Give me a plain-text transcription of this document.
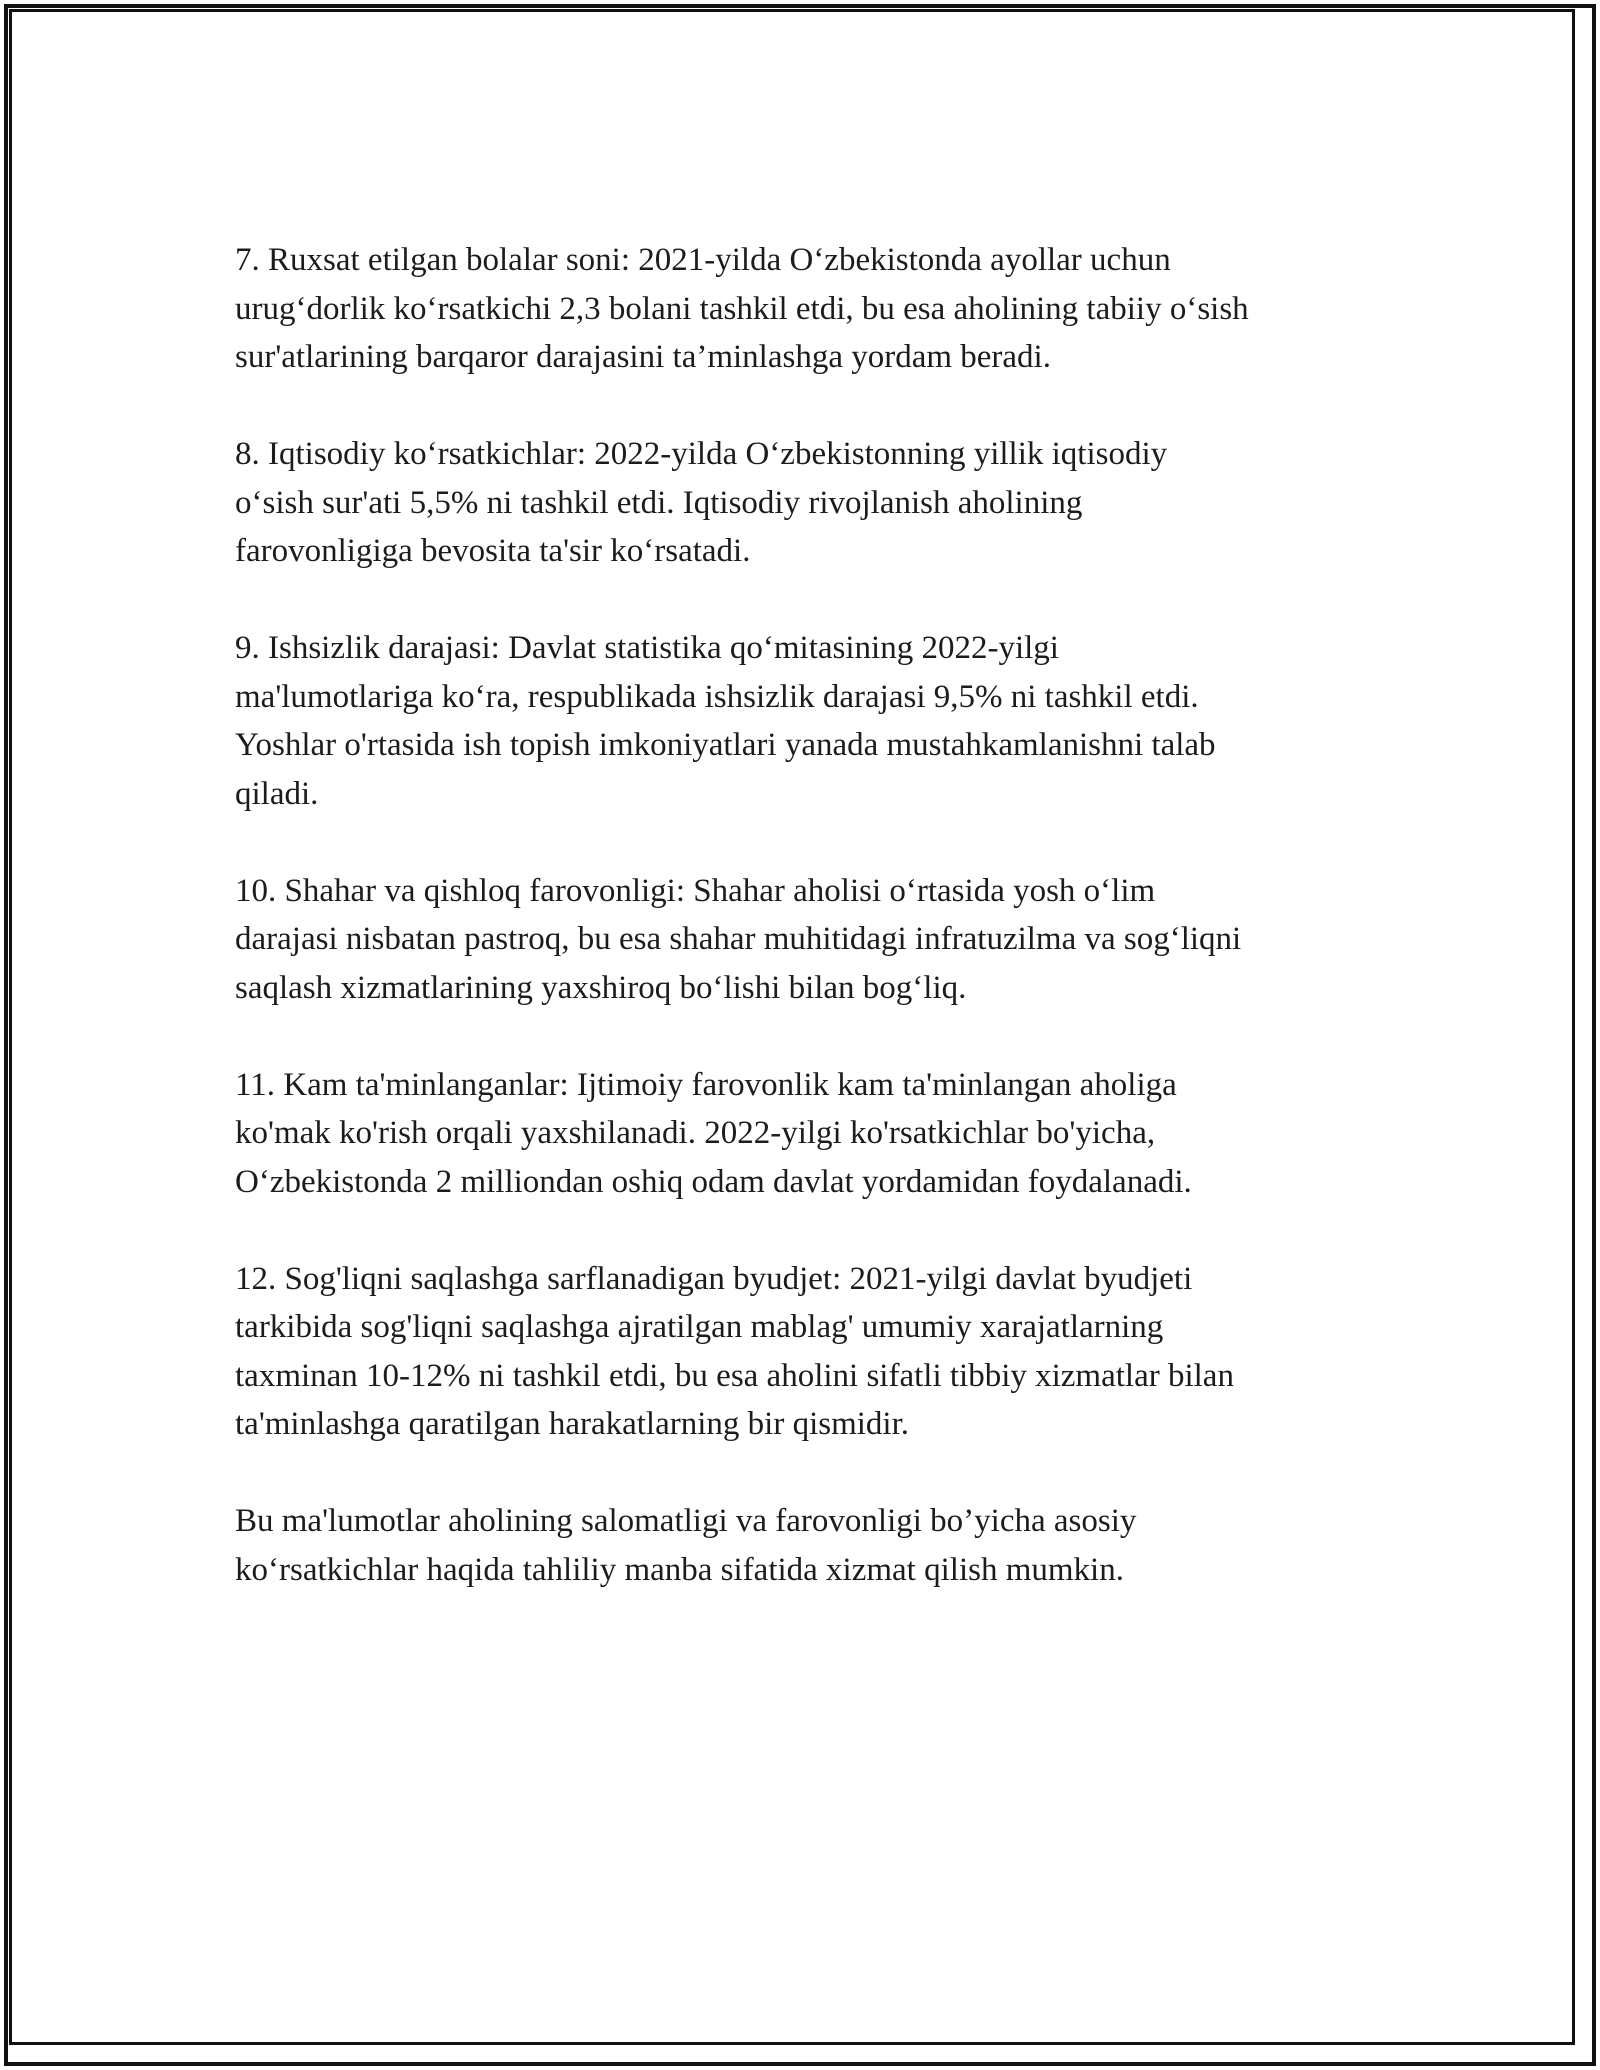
7. Ruxsat etilgan bolalar soni: 2021-yilda O‘zbekistonda ayollar uchun
urug‘dorlik ko‘rsatkichi 2,3 bolani tashkil etdi, bu esa aholining tabiiy o‘sish
sur'atlarining barqaror darajasini ta’minlashga yordam beradi.

8. Iqtisodiy ko‘rsatkichlar: 2022-yilda O‘zbekistonning yillik iqtisodiy
o‘sish sur'ati 5,5% ni tashkil etdi. Iqtisodiy rivojlanish aholining
farovonligiga bevosita ta'sir ko‘rsatadi.

9. Ishsizlik darajasi: Davlat statistika qo‘mitasining 2022-yilgi
ma'lumotlariga ko‘ra, respublikada ishsizlik darajasi 9,5% ni tashkil etdi.
Yoshlar o'rtasida ish topish imkoniyatlari yanada mustahkamlanishni talab
qiladi.

10. Shahar va qishloq farovonligi: Shahar aholisi o‘rtasida yosh o‘lim
darajasi nisbatan pastroq, bu esa shahar muhitidagi infratuzilma va sog‘liqni
saqlash xizmatlarining yaxshiroq bo‘lishi bilan bog‘liq.

11. Kam ta'minlanganlar: Ijtimoiy farovonlik kam ta'minlangan aholiga
ko'mak ko'rish orqali yaxshilanadi. 2022-yilgi ko'rsatkichlar bo'yicha,
O‘zbekistonda 2 milliondan oshiq odam davlat yordamidan foydalanadi.

12. Sog'liqni saqlashga sarflanadigan byudjet: 2021-yilgi davlat byudjeti
tarkibida sog'liqni saqlashga ajratilgan mablag' umumiy xarajatlarning
taxminan 10-12% ni tashkil etdi, bu esa aholini sifatli tibbiy xizmatlar bilan
ta'minlashga qaratilgan harakatlarning bir qismidir.

Bu ma'lumotlar aholining salomatligi va farovonligi bo’yicha asosiy
ko‘rsatkichlar haqida tahliliy manba sifatida xizmat qilish mumkin.
